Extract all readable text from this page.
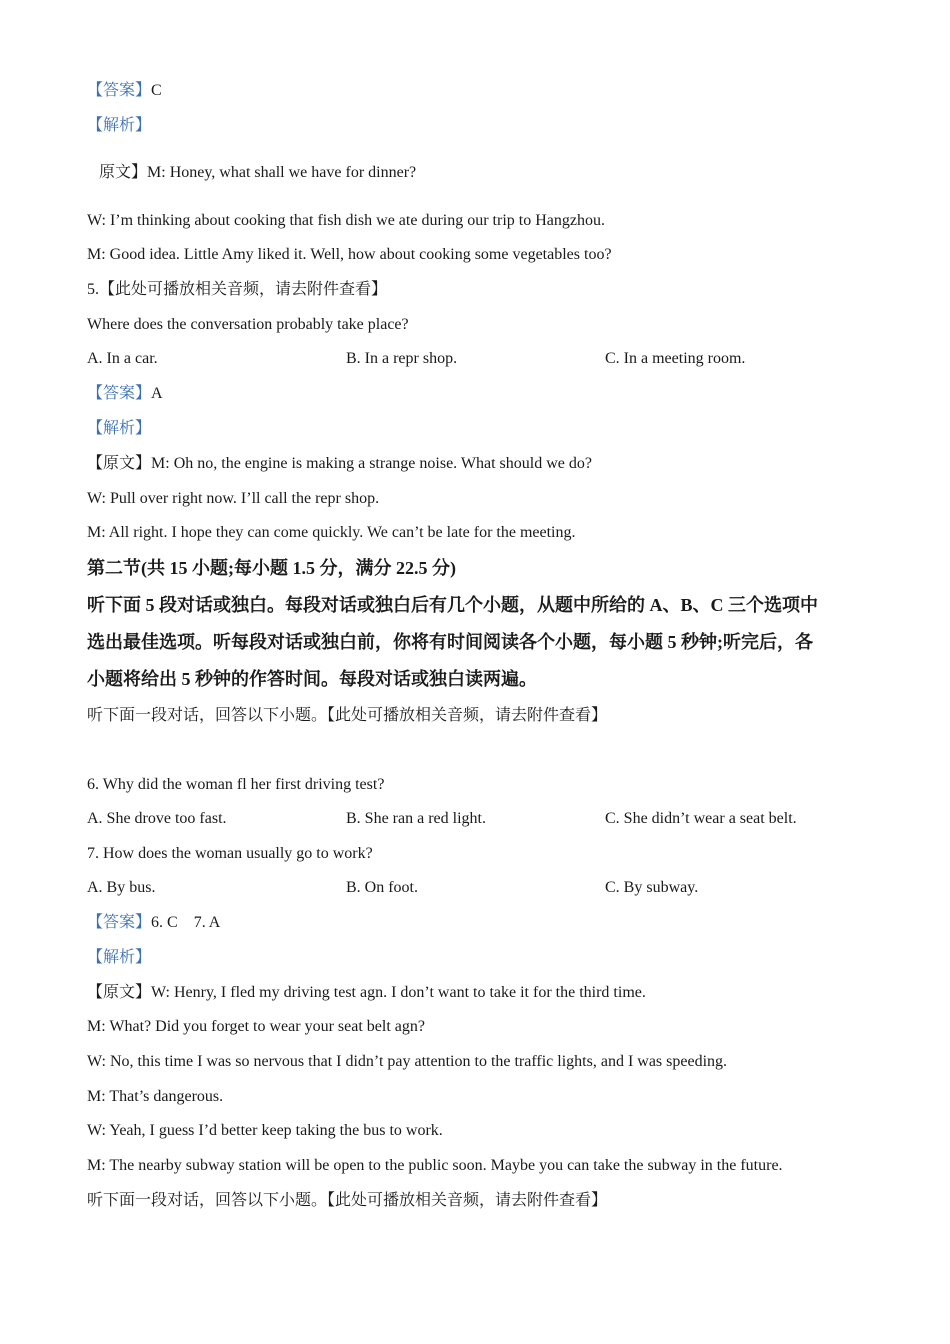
【答案】C
【解析】
原文】M: Honey, what shall we have for dinner?
W: I’m thinking about cooking that fish dish we ate during our trip to Hangzhou.
M: Good idea. Little Amy liked it. Well, how about cooking some vegetables too?
5.【此处可播放相关音频，请去附件查看】
Where does the conversation probably take place?
A. In a car.	B. In a repr shop.	C. In a meeting room.
【答案】A
【解析】
【原文】M: Oh no, the engine is making a strange noise. What should we do?
W: Pull over right now. I’ll call the repr shop.
M: All right. I hope they can come quickly. We can’t be late for the meeting.
第二节(共 15 小题;每小题 1.5 分，满分 22.5 分)
听下面 5 段对话或独白。每段对话或独白后有几个小题，从题中所给的 A、B、C 三个选项中
选出最佳选项。听每段对话或独白前，你将有时间阅读各个小题，每小题 5 秒钟;听完后，各
小题将给出 5 秒钟的作答时间。每段对话或独白读两遍。
听下面一段对话，回答以下小题。【此处可播放相关音频，请去附件查看】
6. Why did the woman fl her first driving test?
A. She drove too fast.	B. She ran a red light.	C. She didn’t wear a seat belt.
7. How does the woman usually go to work?
A. By bus.	B. On foot.	C. By subway.
【答案】6. C    7. A
【解析】
【原文】W: Henry, I fled my driving test agn. I don’t want to take it for the third time.
M: What? Did you forget to wear your seat belt agn?
W: No, this time I was so nervous that I didn’t pay attention to the traffic lights, and I was speeding.
M: That’s dangerous.
W: Yeah, I guess I’d better keep taking the bus to work.
M: The nearby subway station will be open to the public soon. Maybe you can take the subway in the future.
听下面一段对话，回答以下小题。【此处可播放相关音频，请去附件查看】
